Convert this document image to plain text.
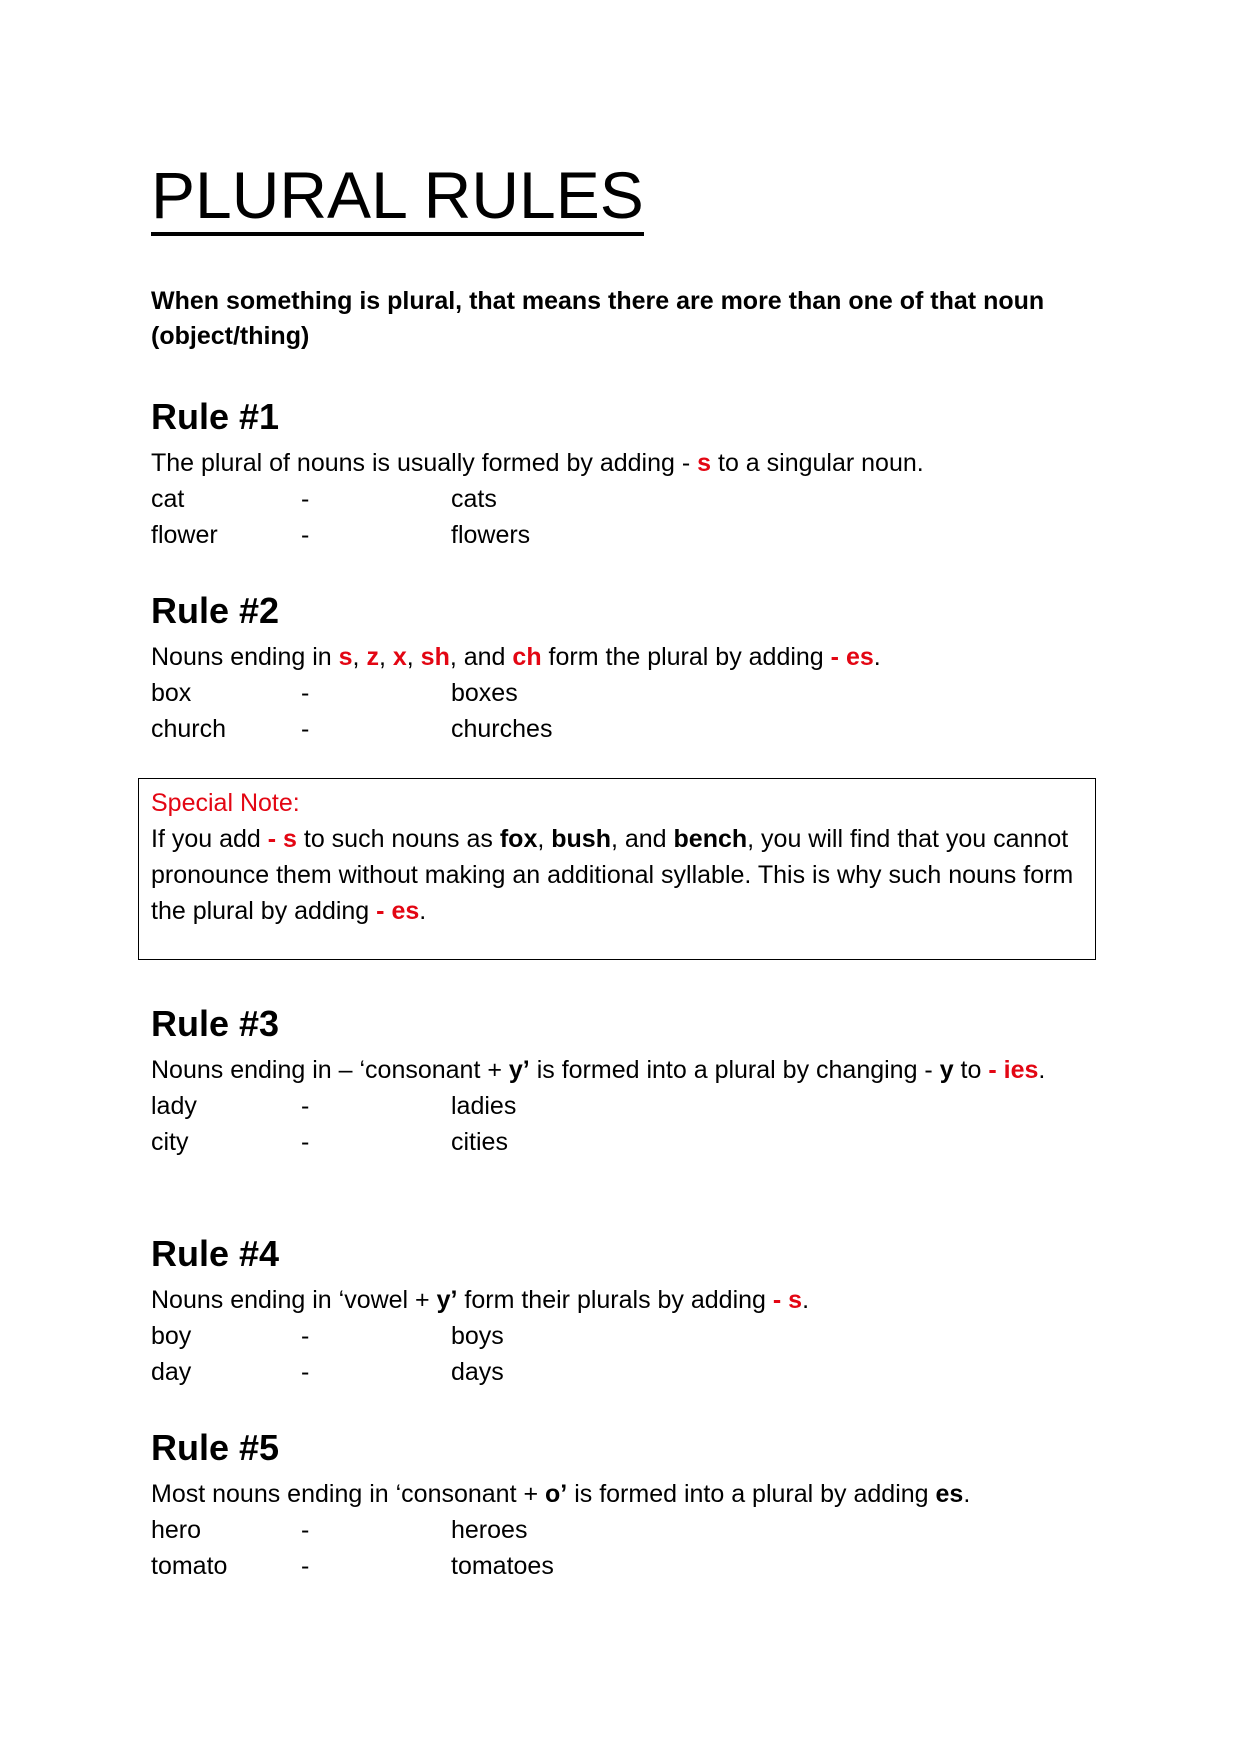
PLURAL RULES

When something is plural, that means there are more than one of that noun (object/thing)

Rule #1
The plural of nouns is usually formed by adding - s to a singular noun.
cat	-	cats
flower	-	flowers
Rule #2
Nouns ending in s, z, x, sh, and ch form the plural by adding - es.
box	-	boxes
church	-	churches
Rule #3
Nouns ending in – ‘consonant + y’ is formed into a plural by changing - y to - ies.
lady	-	ladies
city	-	cities
Rule #4
Nouns ending in ‘vowel + y’ form their plurals by adding - s.
boy	-	boys
day	-	days
Rule #5
Most nouns ending in ‘consonant + o’ is formed into a plural by adding es.
hero	-	heroes
tomato	-	tomatoes
Special Note:
If you add - s to such nouns as fox, bush, and bench, you will find that you cannot pronounce them without making an additional syllable. This is why such nouns form the plural by adding - es.
